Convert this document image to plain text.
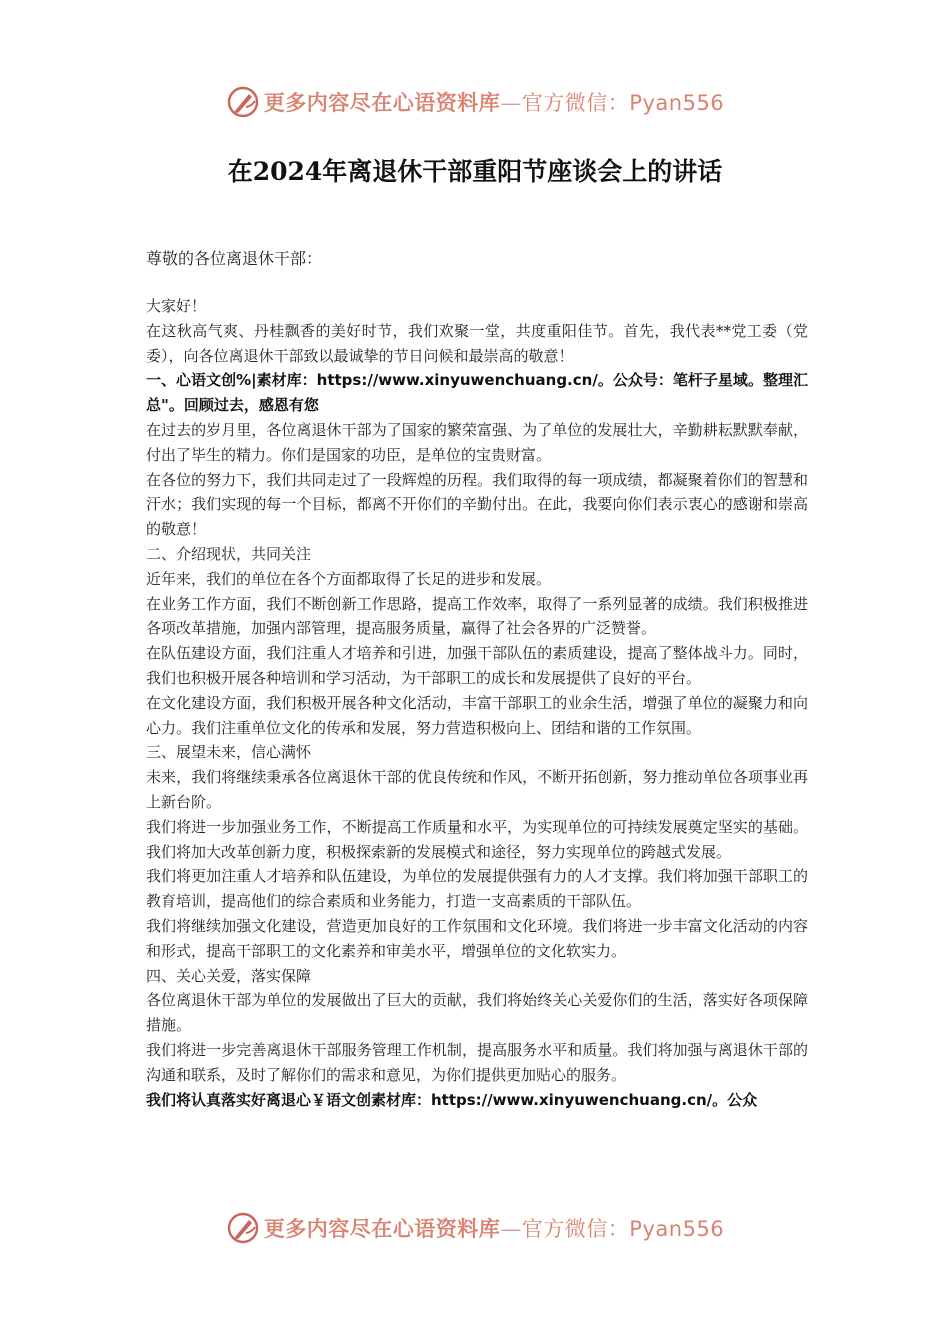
更多内容尽在心语资料库—官方微信：Pyan556
在2024年离退休干部重阳节座谈会上的讲话

尊敬的各位离退休干部：

大家好！

在这秋高气爽、丹桂飘香的美好时节，我们欢聚一堂，共度重阳佳节。首先，我代表**党工委（党委），向各位离退休干部致以最诚挚的节日问候和最崇高的敬意！

一、心语文创%|素材库：https://www.xinyuwenchuang.cn/。公众号：笔杆子星域。整理汇总"。回顾过去，感恩有您

在过去的岁月里，各位离退休干部为了国家的繁荣富强、为了单位的发展壮大，辛勤耕耘默默奉献，付出了毕生的精力。你们是国家的功臣，是单位的宝贵财富。

在各位的努力下，我们共同走过了一段辉煌的历程。我们取得的每一项成绩，都凝聚着你们的智慧和汗水；我们实现的每一个目标，都离不开你们的辛勤付出。在此，我要向你们表示衷心的感谢和崇高的敬意！

二、介绍现状，共同关注

近年来，我们的单位在各个方面都取得了长足的进步和发展。

在业务工作方面，我们不断创新工作思路，提高工作效率，取得了一系列显著的成绩。我们积极推进各项改革措施，加强内部管理，提高服务质量，赢得了社会各界的广泛赞誉。

在队伍建设方面，我们注重人才培养和引进，加强干部队伍的素质建设，提高了整体战斗力。同时，我们也积极开展各种培训和学习活动，为干部职工的成长和发展提供了良好的平台。

在文化建设方面，我们积极开展各种文化活动，丰富干部职工的业余生活，增强了单位的凝聚力和向心力。我们注重单位文化的传承和发展，努力营造积极向上、团结和谐的工作氛围。

三、展望未来，信心满怀

未来，我们将继续秉承各位离退休干部的优良传统和作风，不断开拓创新，努力推动单位各项事业再上新台阶。

我们将进一步加强业务工作，不断提高工作质量和水平，为实现单位的可持续发展奠定坚实的基础。我们将加大改革创新力度，积极探索新的发展模式和途径，努力实现单位的跨越式发展。

我们将更加注重人才培养和队伍建设，为单位的发展提供强有力的人才支撑。我们将加强干部职工的教育培训，提高他们的综合素质和业务能力，打造一支高素质的干部队伍。

我们将继续加强文化建设，营造更加良好的工作氛围和文化环境。我们将进一步丰富文化活动的内容和形式，提高干部职工的文化素养和审美水平，增强单位的文化软实力。

四、关心关爱，落实保障

各位离退休干部为单位的发展做出了巨大的贡献，我们将始终关心关爱你们的生活，落实好各项保障措施。

我们将进一步完善离退休干部服务管理工作机制，提高服务水平和质量。我们将加强与离退休干部的沟通和联系，及时了解你们的需求和意见，为你们提供更加贴心的服务。

我们将认真落实好离退心￥语文创素材库：https://www.xinyuwenchuang.cn/。公众

更多内容尽在心语资料库—官方微信：Pyan556
